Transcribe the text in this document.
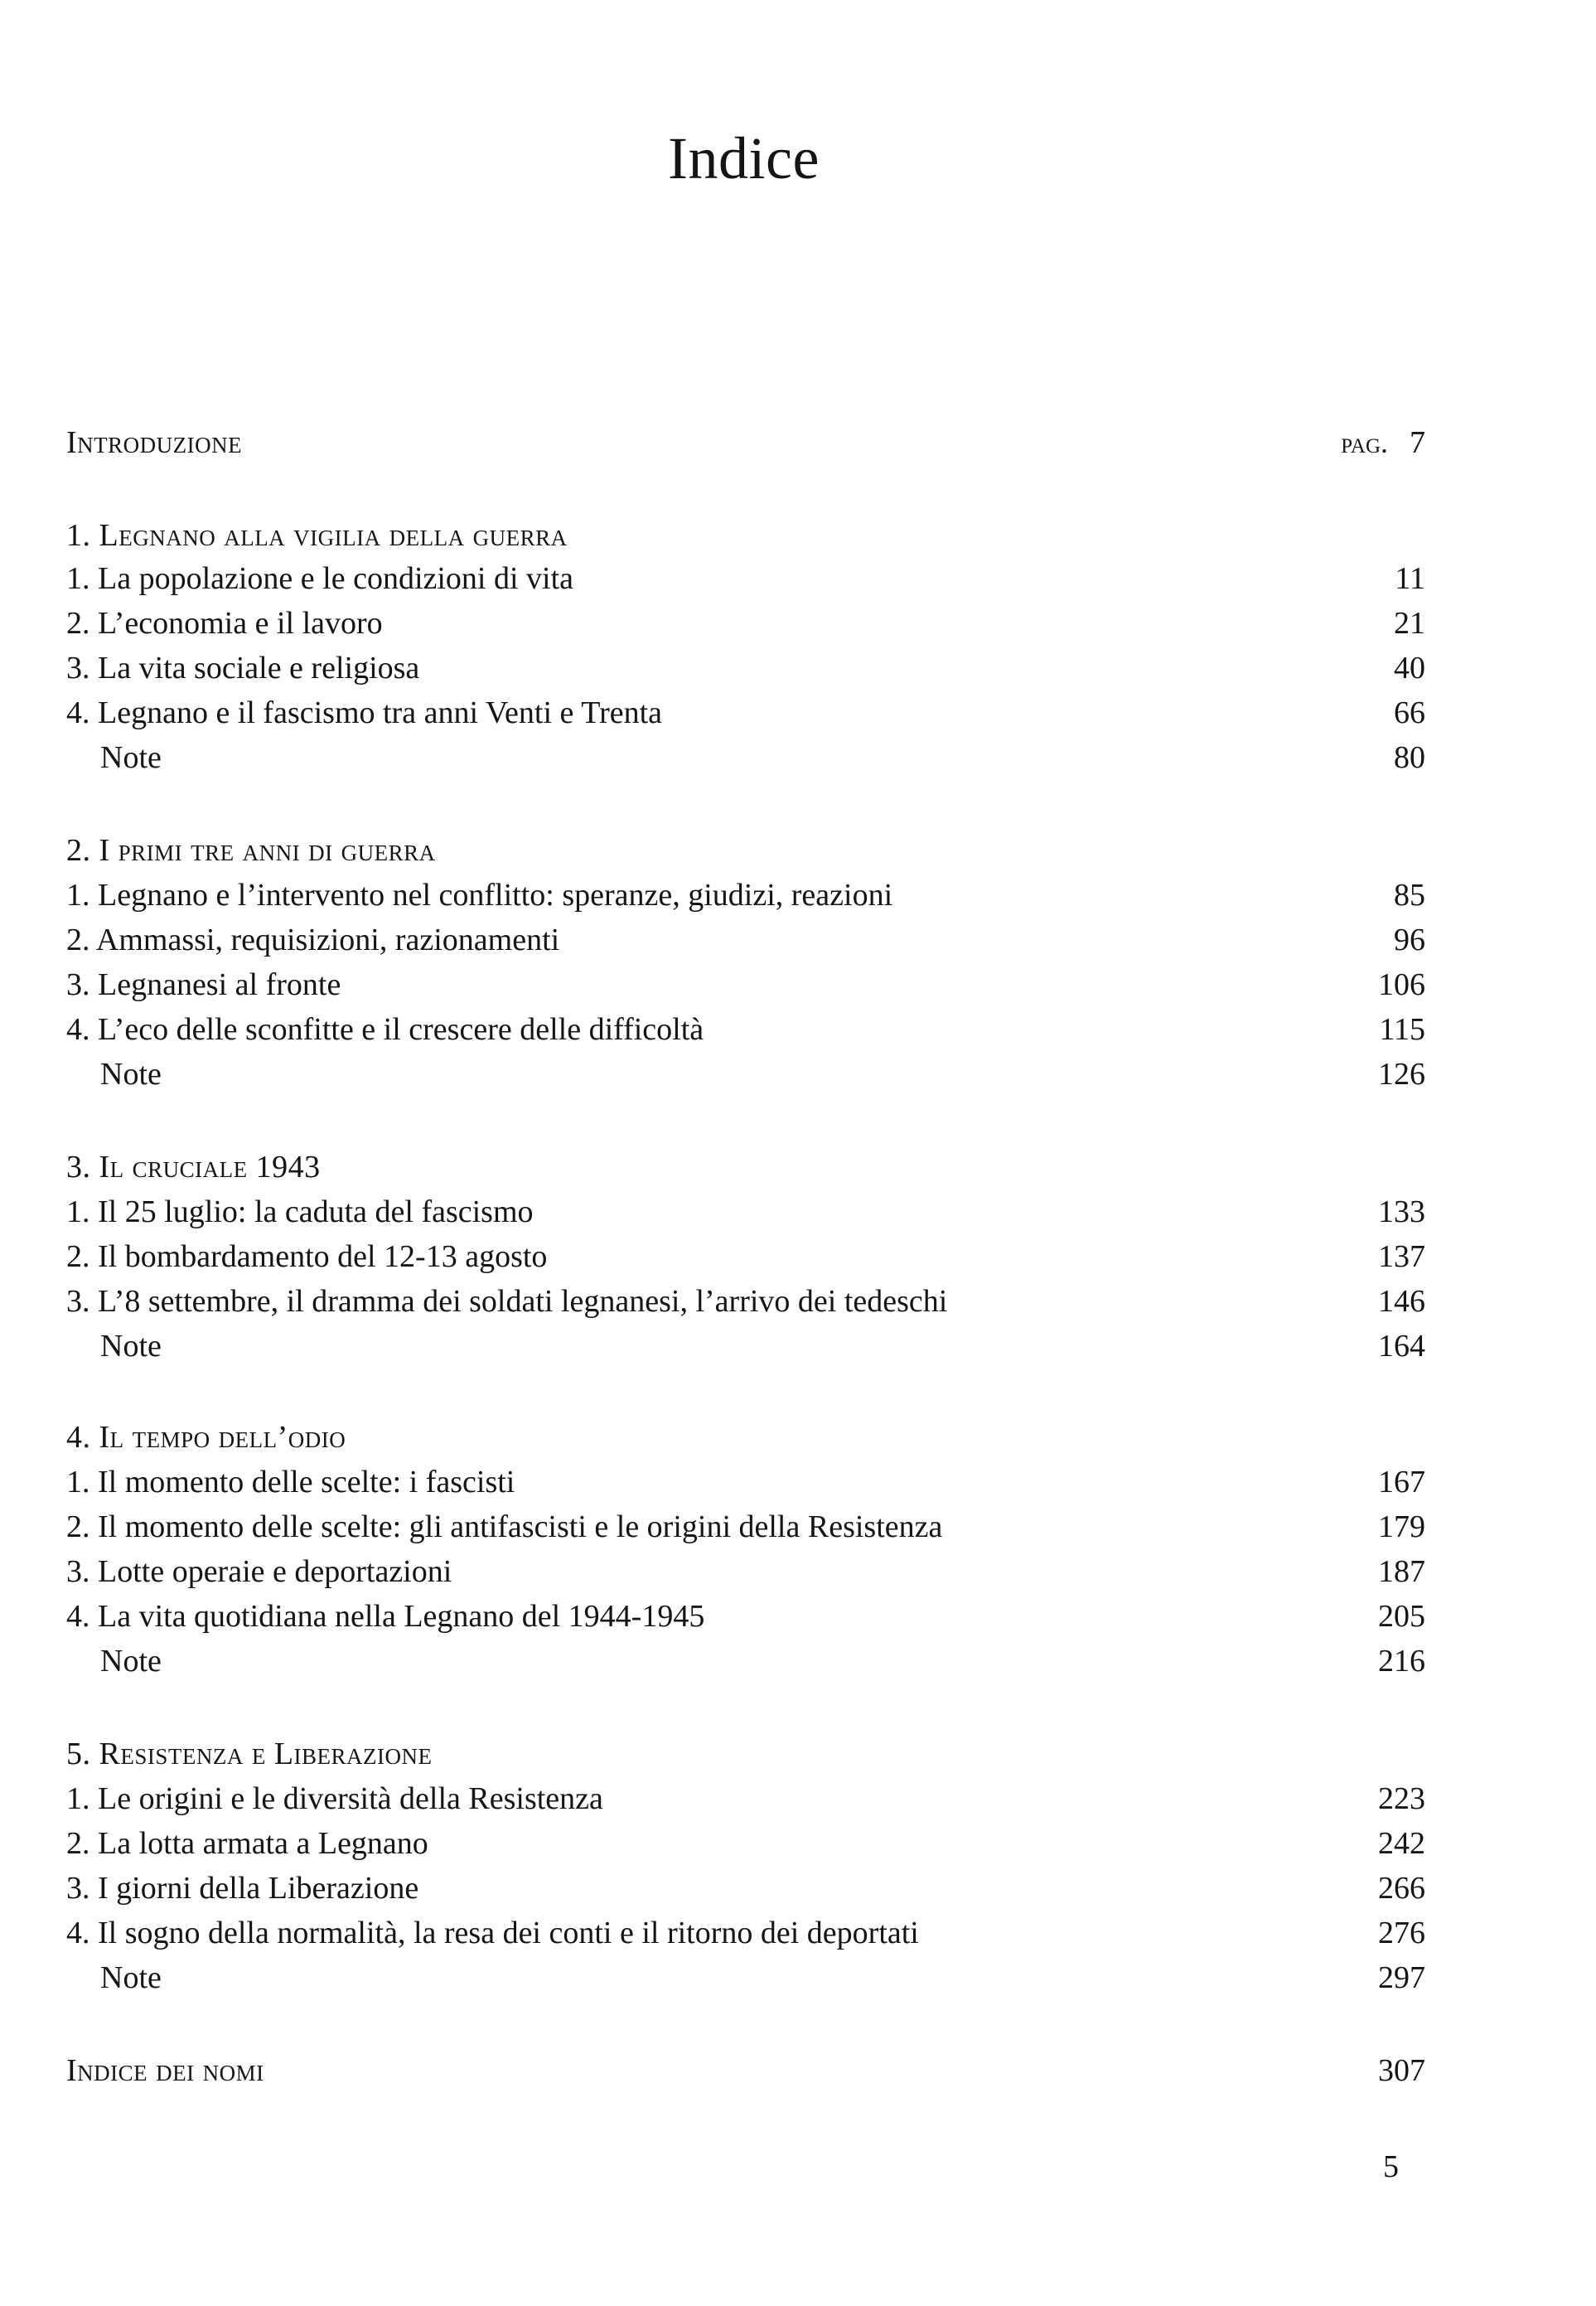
Indice
Introduzione	pag. 7
1. Legnano alla vigilia della guerra
1. La popolazione e le condizioni di vita	11
2. L’economia e il lavoro	21
3. La vita sociale e religiosa	40
4. Legnano e il fascismo tra anni Venti e Trenta	66
Note	80
2. I primi tre anni di guerra
1. Legnano e l’intervento nel conflitto: speranze, giudizi, reazioni	85
2. Ammassi, requisizioni, razionamenti	96
3. Legnanesi al fronte	106
4. L’eco delle sconfitte e il crescere delle difficoltà	115
Note	126
3. Il cruciale 1943
1. Il 25 luglio: la caduta del fascismo	133
2. Il bombardamento del 12-13 agosto	137
3. L’8 settembre, il dramma dei soldati legnanesi, l’arrivo dei tedeschi	146
Note	164
4. Il tempo dell’odio
1. Il momento delle scelte: i fascisti	167
2. Il momento delle scelte: gli antifascisti e le origini della Resistenza	179
3. Lotte operaie e deportazioni	187
4. La vita quotidiana nella Legnano del 1944-1945	205
Note	216
5. Resistenza e Liberazione
1. Le origini e le diversità della Resistenza	223
2. La lotta armata a Legnano	242
3. I giorni della Liberazione	266
4. Il sogno della normalità, la resa dei conti e il ritorno dei deportati	276
Note	297
Indice dei nomi	307
5
